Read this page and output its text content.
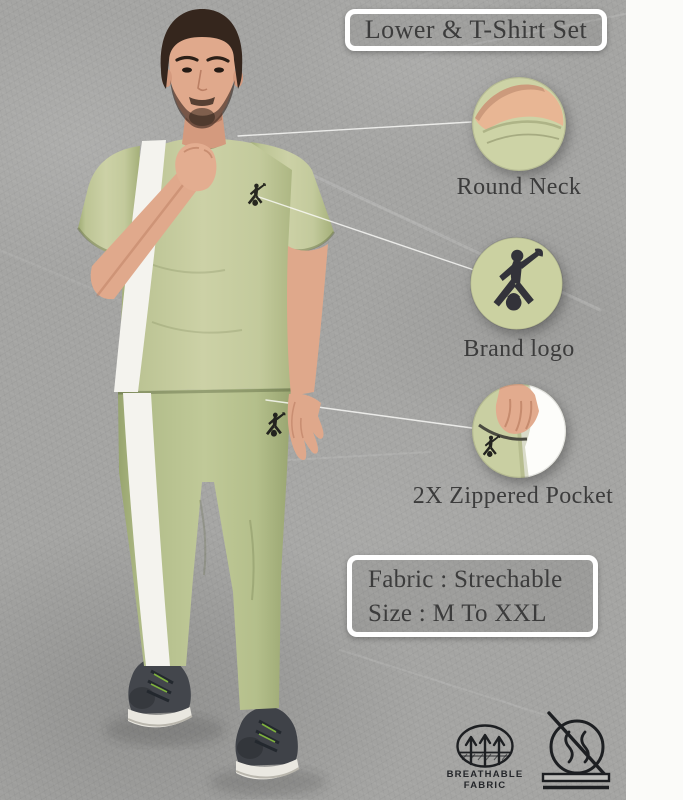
Lower & T-Shirt Set
Round Neck
Brand logo
2X Zippered Pocket
Fabric : Strechable
Size : M To XXL
BREATHABLE
FABRIC
